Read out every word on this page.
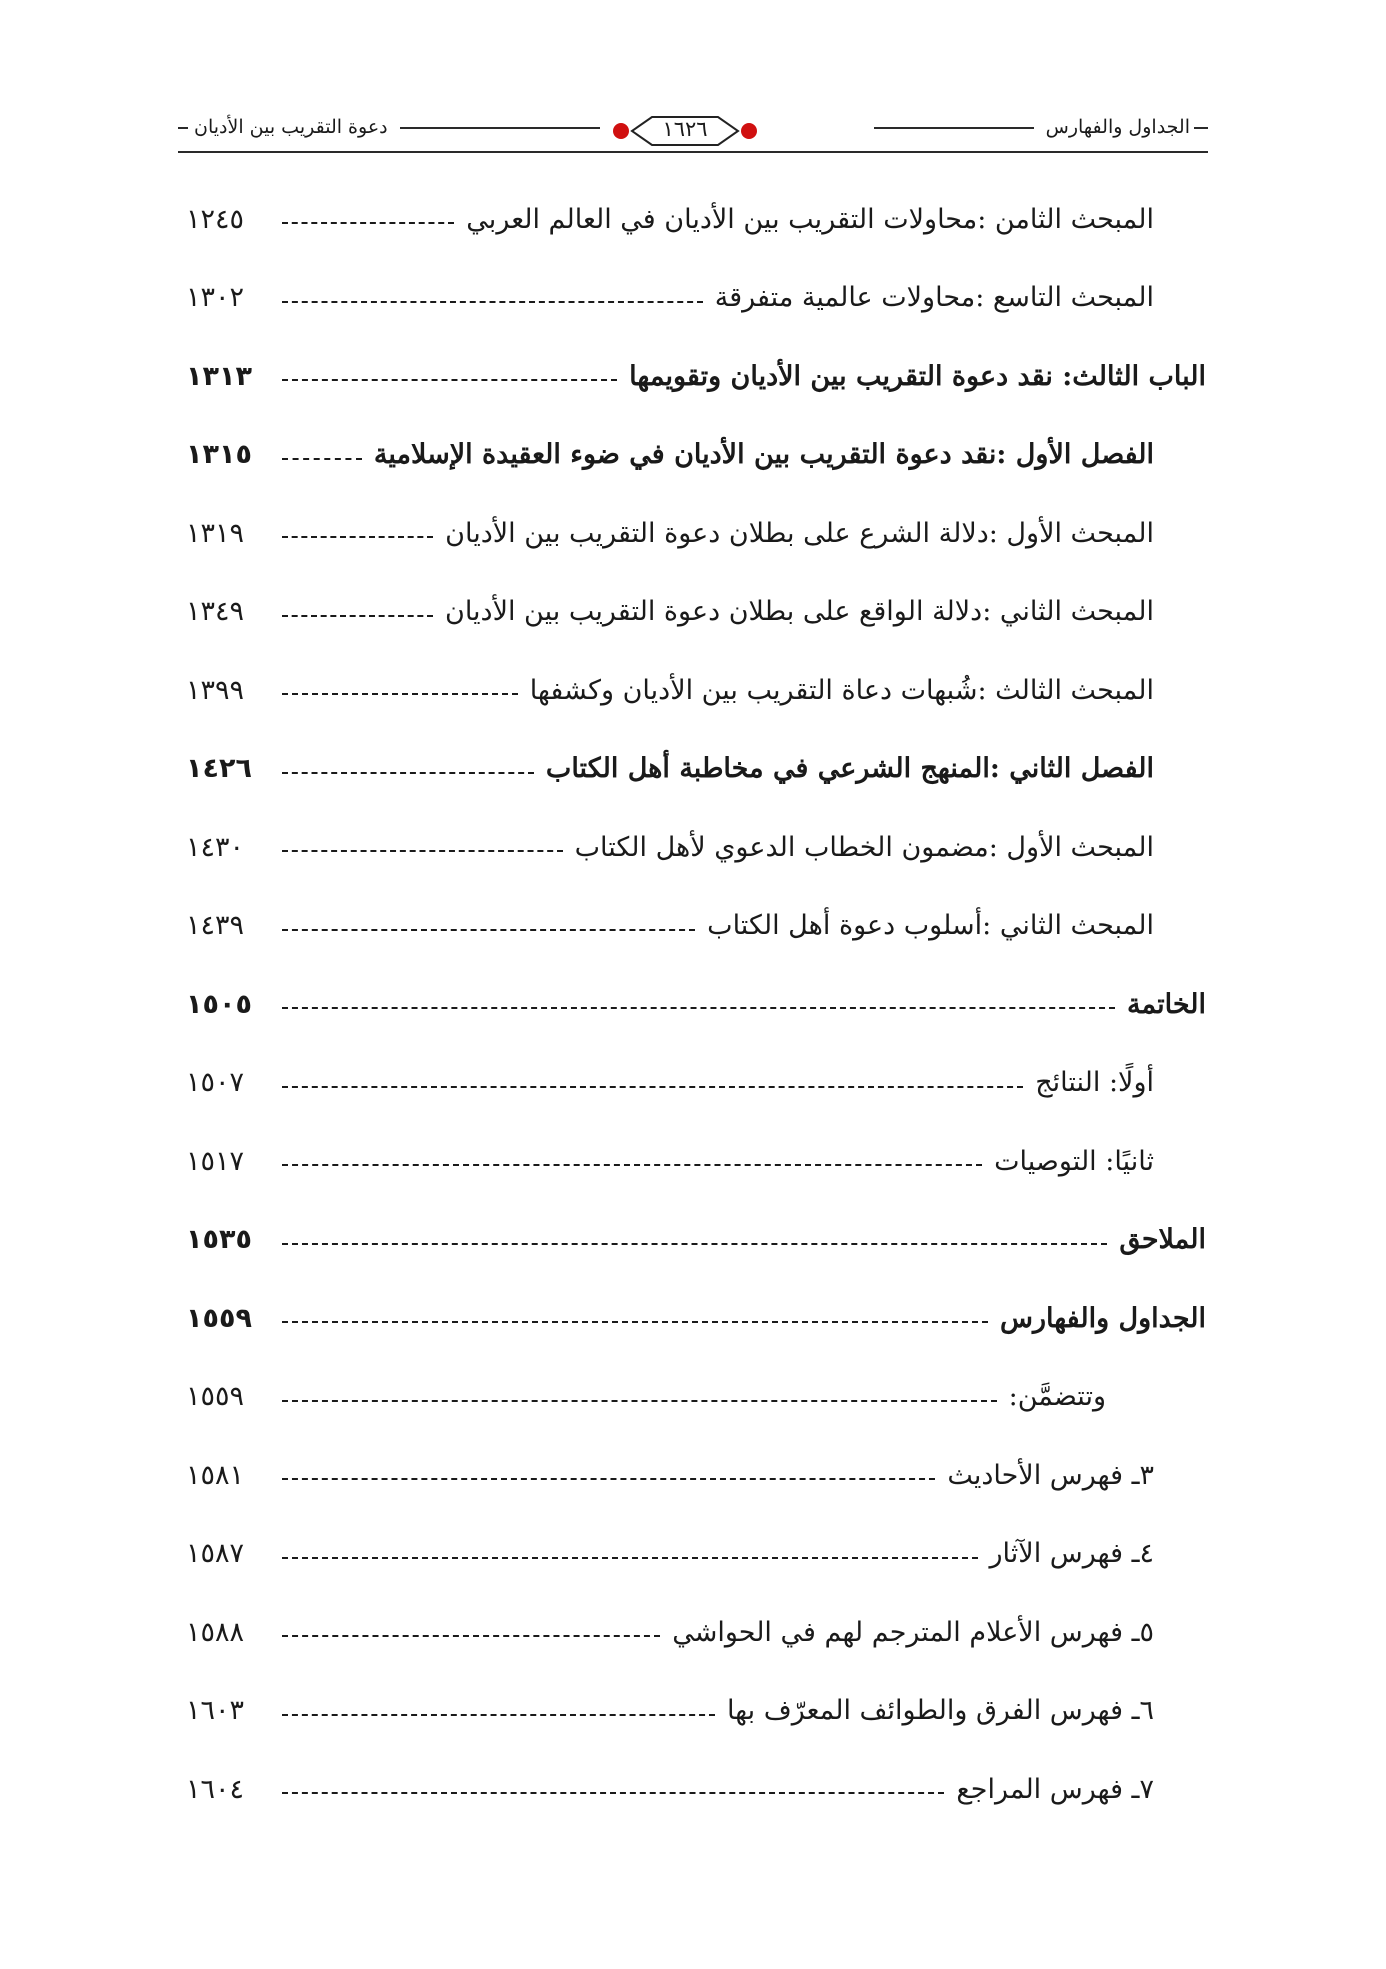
الجداول والفهارس
١٦٢٦
دعوة التقريب بين الأديان
المبحث الثامن :محاولات التقريب بين الأديان في العالم العربي
١٢٤٥
المبحث التاسع :محاولات عالمية متفرقة
١٣٠٢
الباب الثالث: نقد دعوة التقريب بين الأديان وتقويمها
١٣١٣
الفصل الأول :نقد دعوة التقريب بين الأديان في ضوء العقيدة الإسلامية
١٣١٥
المبحث الأول :دلالة الشرع على بطلان دعوة التقريب بين الأديان
١٣١٩
المبحث الثاني :دلالة الواقع على بطلان دعوة التقريب بين الأديان
١٣٤٩
المبحث الثالث :شُبهات دعاة التقريب بين الأديان وكشفها
١٣٩٩
الفصل الثاني :المنهج الشرعي في مخاطبة أهل الكتاب
١٤٢٦
المبحث الأول :مضمون الخطاب الدعوي لأهل الكتاب
١٤٣٠
المبحث الثاني :أسلوب دعوة أهل الكتاب
١٤٣٩
الخاتمة
١٥٠٥
أولًا: النتائج
١٥٠٧
ثانيًا: التوصيات
١٥١٧
الملاحق
١٥٣٥
الجداول والفهارس
١٥٥٩
وتتضمَّن:
١٥٥٩
٣ـ فهرس الأحاديث
١٥٨١
٤ـ فهرس الآثار
١٥٨٧
٥ـ فهرس الأعلام المترجم لهم في الحواشي
١٥٨٨
٦ـ فهرس الفرق والطوائف المعرّف بها
١٦٠٣
٧ـ فهرس المراجع
١٦٠٤
